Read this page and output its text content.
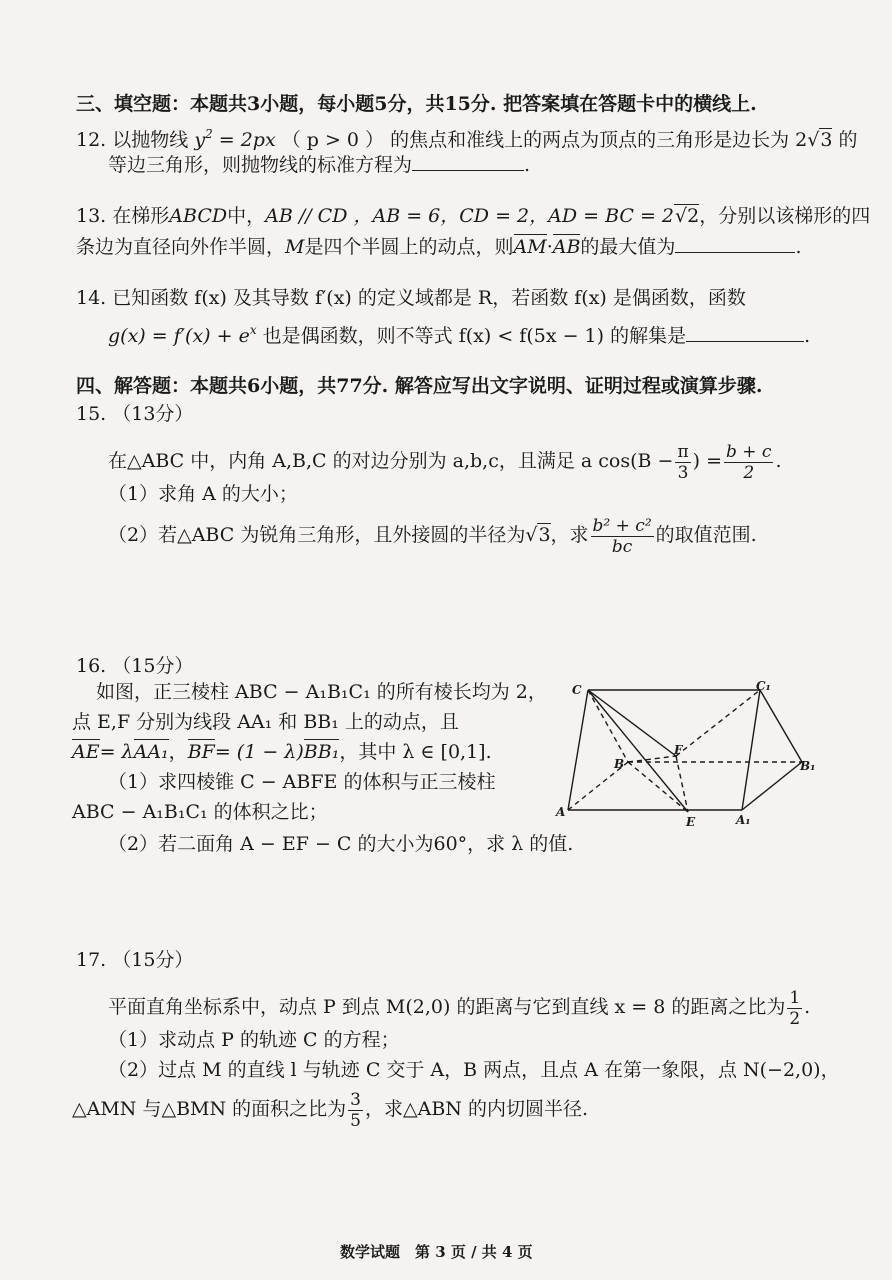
三、填空题：本题共3小题，每小题5分，共15分. 把答案填在答题卡中的横线上.
12. 以抛物线 $y^2 = 2px$ （ p > 0 ） 的焦点和准线上的两点为顶点的三角形是边长为 2√3 的
等边三角形，则抛物线的标准方程为	.
13. 在梯形ABCD中，AB // CD ，AB = 6，CD = 2，AD = BC = 2√2，分别以该梯形的四
条边为直径向外作半圆，M是四个半圆上的动点，则AM·AB的最大值为	.
14. 已知函数 f(x) 及其导数 f′(x) 的定义域都是 R，若函数 f(x) 是偶函数，函数
$g(x) = f'(x) + e^x$ 也是偶函数，则不等式 f(x) < f(5x − 1) 的解集是	.
四、解答题：本题共6小题，共77分. 解答应写出文字说明、证明过程或演算步骤.
15. （13分）
在△ABC 中，内角 A,B,C 的对边分别为 a,b,c，且满足 a $\cos(B - \frac{\pi}{3}$ ) = $\frac{b + c}{2}$ .
（1）求角 A 的大小；
（2）若△ABC 为锐角三角形，且外接圆的半径为√3，求 $\frac{\text{b² + c²}}{bc}$ 的取值范围.
16. （15分）
如图，正三棱柱 ABC − A₁B₁C₁ 的所有棱长均为 2，
点 E,F 分别为线段 AA₁ 和 BB₁ 上的动点，且
AE= λAA₁，BF= (1 − λ)BB₁，其中 λ ∈ [0,1].
（1）求四棱锥 C − ABFE 的体积与正三棱柱
ABC − A₁B₁C₁ 的体积之比；
（2）若二面角 A − EF − C 的大小为60°，求 λ 的值.
C	C₁
B
F
B₁
A
E	A₁
17. （15分）
平面直角坐标系中，动点 P 到点 M(2,0) 的距离与它到直线 x = 8 的距离之比为 $\frac{1}{2}$ .
（1）求动点 P 的轨迹 C 的方程；
（2）过点 M 的直线 l 与轨迹 C 交于 A，B 两点，且点 A 在第一象限，点 N(−2,0)，
△AMN 与△BMN 的面积之比为 $\frac{3}{5}$ ，求△ABN 的内切圆半径.
数学试题　第 3 页 / 共 4 页
